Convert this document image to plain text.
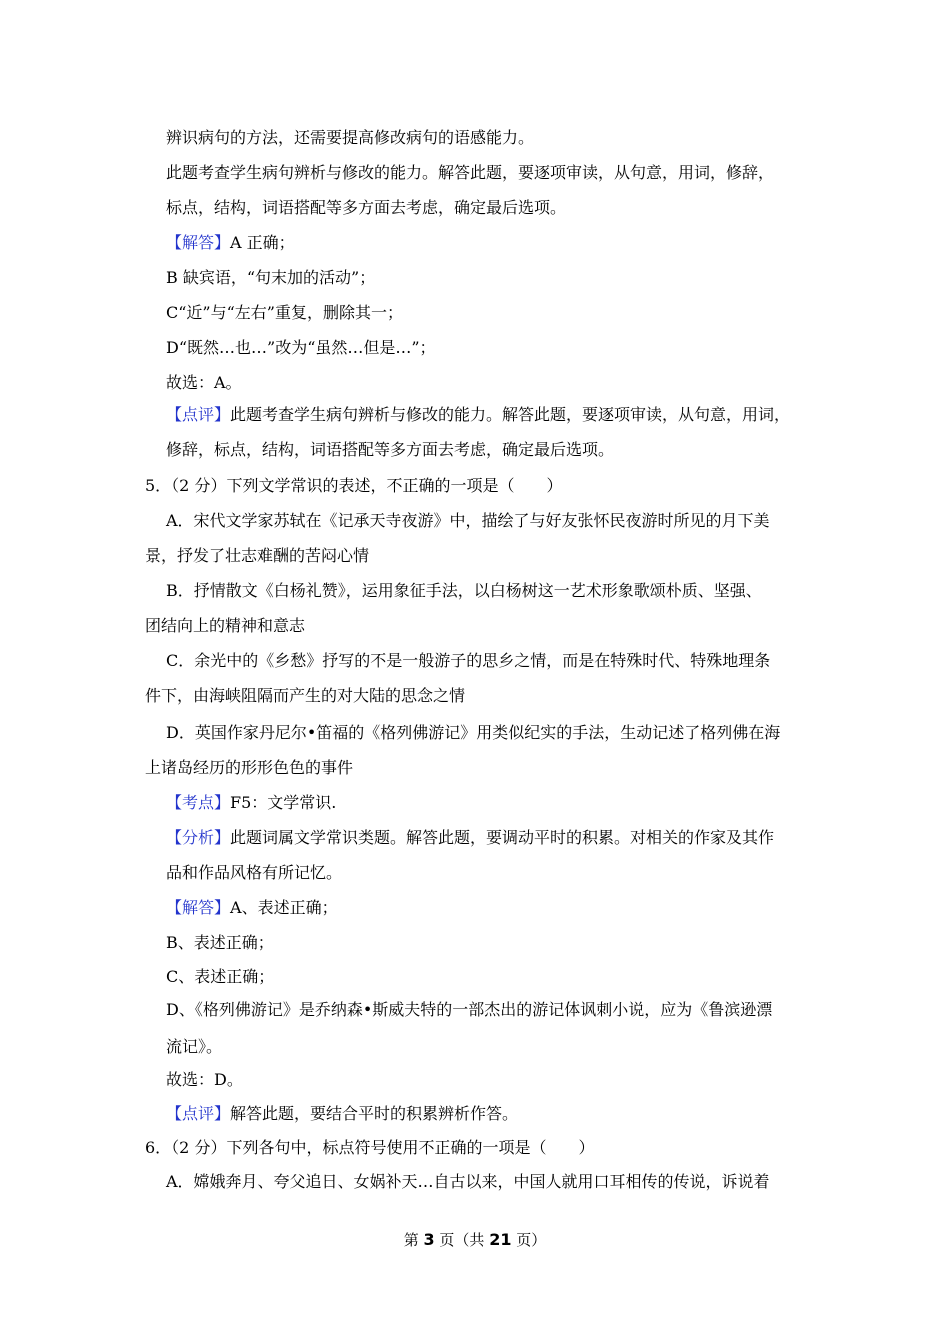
辨识病句的方法，还需要提高修改病句的语感能力。
此题考查学生病句辨析与修改的能力。解答此题，要逐项审读，从句意，用词，修辞，
标点，结构，词语搭配等多方面去考虑，确定最后选项。
【解答】A 正确；
B 缺宾语，“句末加的活动”；
C“近”与“左右”重复，删除其一；
D“既然…也…”改为“虽然…但是…”；
故选：A。
【点评】此题考查学生病句辨析与修改的能力。解答此题，要逐项审读，从句意，用词，
修辞，标点，结构，词语搭配等多方面去考虑，确定最后选项。
5．（2 分）下列文学常识的表述，不正确的一项是（　　）
A．宋代文学家苏轼在《记承天寺夜游》中，描绘了与好友张怀民夜游时所见的月下美
景，抒发了壮志难酬的苦闷心情
B．抒情散文《白杨礼赞》，运用象征手法，以白杨树这一艺术形象歌颂朴质、坚强、
团结向上的精神和意志
C．余光中的《乡愁》抒写的不是一般游子的思乡之情，而是在特殊时代、特殊地理条
件下，由海峡阻隔而产生的对大陆的思念之情
D．英国作家丹尼尔•笛福的《格列佛游记》用类似纪实的手法，生动记述了格列佛在海
上诸岛经历的形形色色的事件
【考点】F5：文学常识.
【分析】此题词属文学常识类题。解答此题，要调动平时的积累。对相关的作家及其作
品和作品风格有所记忆。
【解答】A、表述正确；
B、表述正确；
C、表述正确；
D、《格列佛游记》是乔纳森•斯威夫特的一部杰出的游记体讽刺小说，应为《鲁滨逊漂
流记》。
故选：D。
【点评】解答此题，要结合平时的积累辨析作答。
6．（2 分）下列各句中，标点符号使用不正确的一项是（　　）
A．嫦娥奔月、夸父追日、女娲补天…自古以来，中国人就用口耳相传的传说，诉说着
第 3 页（共 21 页）
